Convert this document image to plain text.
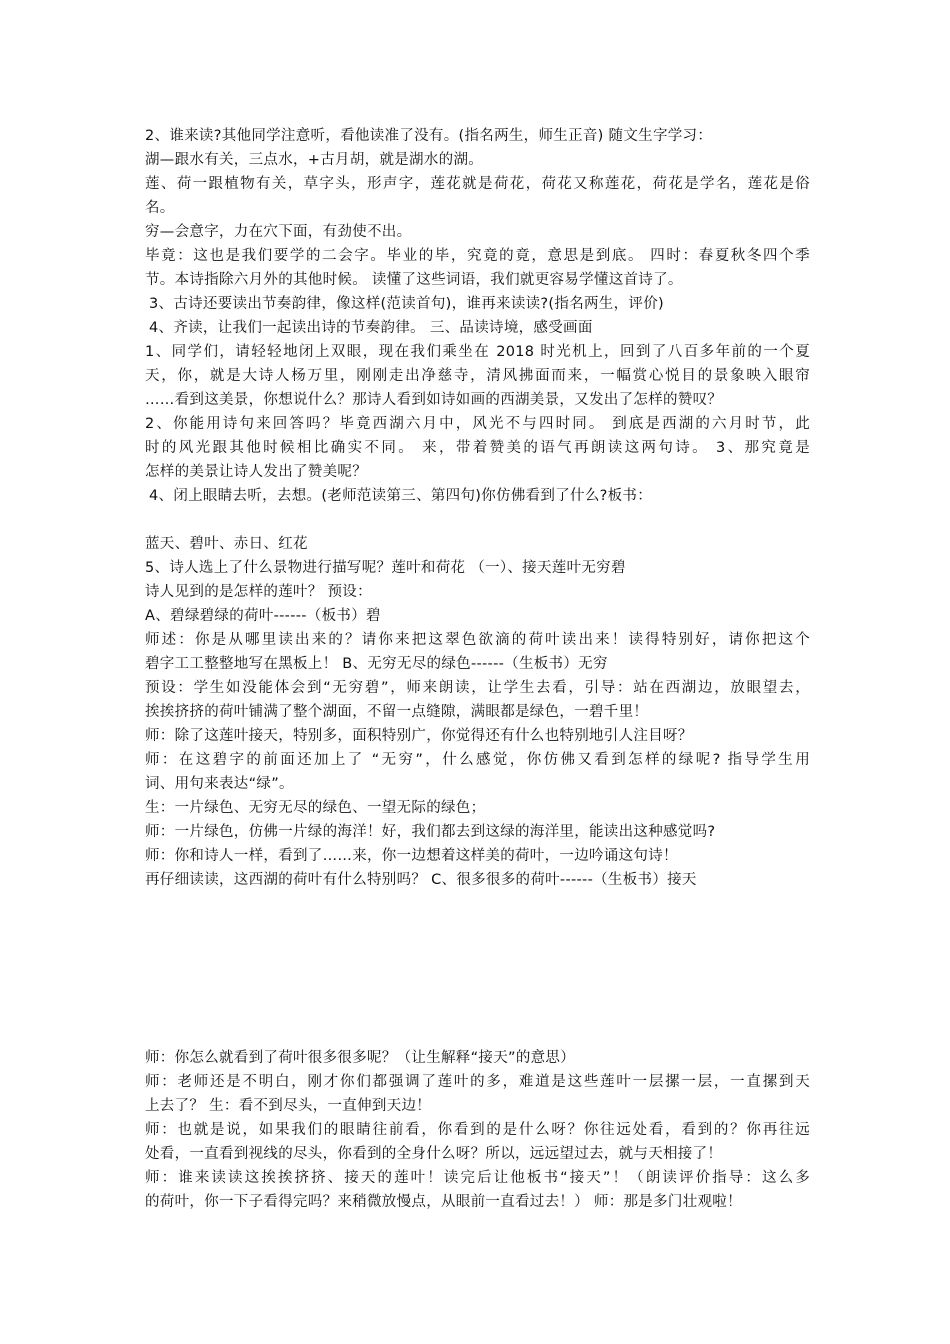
2、谁来读?其他同学注意听，看他读准了没有。(指名两生，师生正音) 随文生字学习：
湖—跟水有关，三点水，+古月胡，就是湖水的湖。
莲、荷一跟植物有关，草字头，形声字，莲花就是荷花，荷花又称莲花，荷花是学名，莲花是俗
名。
穷—会意字，力在穴下面，有劲使不出。
毕竟：这也是我们要学的二会字。毕业的毕，究竟的竟，意思是到底。 四时：春夏秋冬四个季
节。本诗指除六月外的其他时候。 读懂了这些词语，我们就更容易学懂这首诗了。
3、古诗还要读出节奏韵律，像这样(范读首句)，谁再来读读?(指名两生，评价)
4、齐读，让我们一起读出诗的节奏韵律。 三、品读诗境，感受画面
1、同学们，请轻轻地闭上双眼，现在我们乘坐在 2018 时光机上，回到了八百多年前的一个夏
天，你，就是大诗人杨万里，刚刚走出净慈寺，清风拂面而来，一幅赏心悦目的景象映入眼帘
……看到这美景，你想说什么？那诗人看到如诗如画的西湖美景，又发出了怎样的赞叹？
2、你能用诗句来回答吗？毕竟西湖六月中，风光不与四时同。 到底是西湖的六月时节，此
时的风光跟其他时候相比确实不同。 来，带着赞美的语气再朗读这两句诗。 3、那究竟是
怎样的美景让诗人发出了赞美呢？
4、闭上眼睛去听，去想。(老师范读第三、第四句)你仿佛看到了什么?板书：
蓝天、碧叶、赤日、红花
5、诗人选上了什么景物进行描写呢？莲叶和荷花 （一）、接天莲叶无穷碧
诗人见到的是怎样的莲叶？ 预设：
A、碧绿碧绿的荷叶------（板书）碧
师述：你是从哪里读出来的？请你来把这翠色欲滴的荷叶读出来！读得特别好，请你把这个
碧字工工整整地写在黑板上！ B、无穷无尽的绿色------（生板书）无穷
预设：学生如没能体会到“无穷碧”，师来朗读，让学生去看，引导：站在西湖边，放眼望去，
挨挨挤挤的荷叶铺满了整个湖面，不留一点缝隙，满眼都是绿色，一碧千里！
师：除了这莲叶接天，特别多，面积特别广，你觉得还有什么也特别地引人注目呀？
师：在这碧字的前面还加上了 “无穷”，什么感觉，你仿佛又看到怎样的绿呢? 指导学生用
词、用句来表达“绿”。
生：一片绿色、无穷无尽的绿色、一望无际的绿色；
师：一片绿色，仿佛一片绿的海洋！好，我们都去到这绿的海洋里，能读出这种感觉吗?
师：你和诗人一样，看到了……来，你一边想着这样美的荷叶，一边吟诵这句诗！
再仔细读读，这西湖的荷叶有什么特别吗？ C、很多很多的荷叶------（生板书）接天
师：你怎么就看到了荷叶很多很多呢？（让生解释“接天”的意思）
师：老师还是不明白，刚才你们都强调了莲叶的多，难道是这些莲叶一层摞一层，一直摞到天
上去了？ 生：看不到尽头，一直伸到天边！
师：也就是说，如果我们的眼睛往前看，你看到的是什么呀？你往远处看，看到的？你再往远
处看，一直看到视线的尽头，你看到的全身什么呀？所以，远远望过去，就与天相接了！
师：谁来读读这挨挨挤挤、接天的莲叶！读完后让他板书“接天”！（朗读评价指导：这么多
的荷叶，你一下子看得完吗？来稍微放慢点，从眼前一直看过去！） 师：那是多门壮观啦！
